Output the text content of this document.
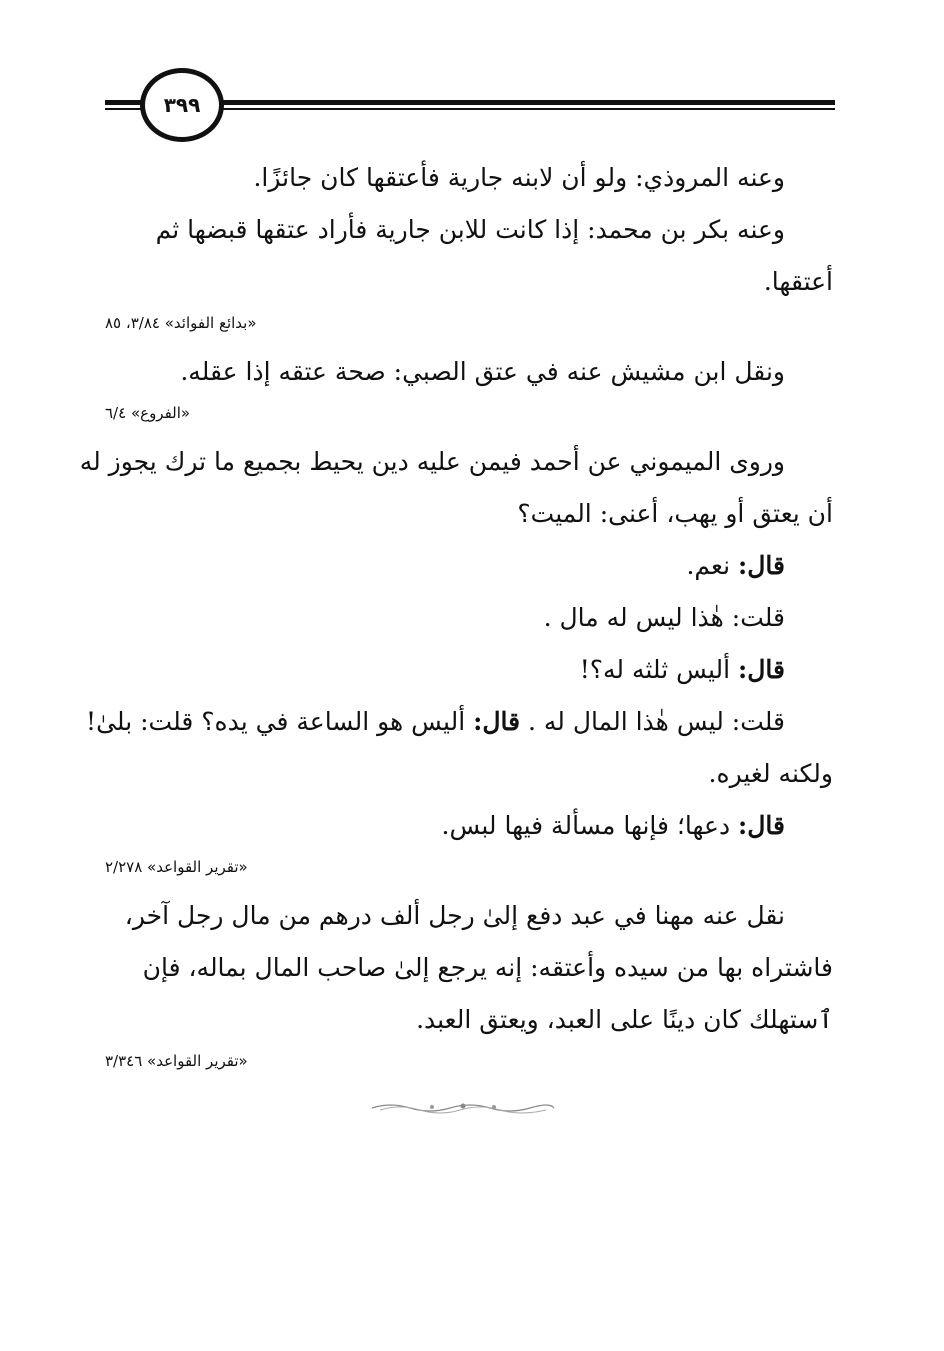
٣٩٩
وعنه المروذي: ولو أن لابنه جارية فأعتقها كان جائزًا.
وعنه بكر بن محمد: إذا كانت للابن جارية فأراد عتقها قبضها ثم
أعتقها.
«بدائع الفوائد» ٣/٨٤، ٨٥
ونقل ابن مشيش عنه في عتق الصبي: صحة عتقه إذا عقله.
«الفروع» ٦/٤
وروى الميموني عن أحمد فيمن عليه دين يحيط بجميع ما ترك يجوز له
أن يعتق أو يهب، أعنى: الميت؟
قال: نعم.
قلت: هٰذا ليس له مال .
قال: أليس ثلثه له؟!
قلت: ليس هٰذا المال له . قال: أليس هو الساعة في يده؟ قلت: بلىٰ!
ولكنه لغيره.
قال: دعها؛ فإنها مسألة فيها لبس.
«تقرير القواعد» ٢/٢٧٨
نقل عنه مهنا في عبد دفع إلىٰ رجل ألف درهم من مال رجل آخر،
فاشتراه بها من سيده وأعتقه: إنه يرجع إلىٰ صاحب المال بماله، فإن
ٱستهلك كان دينًا على العبد، ويعتق العبد.
«تقرير القواعد» ٣/٣٤٦
